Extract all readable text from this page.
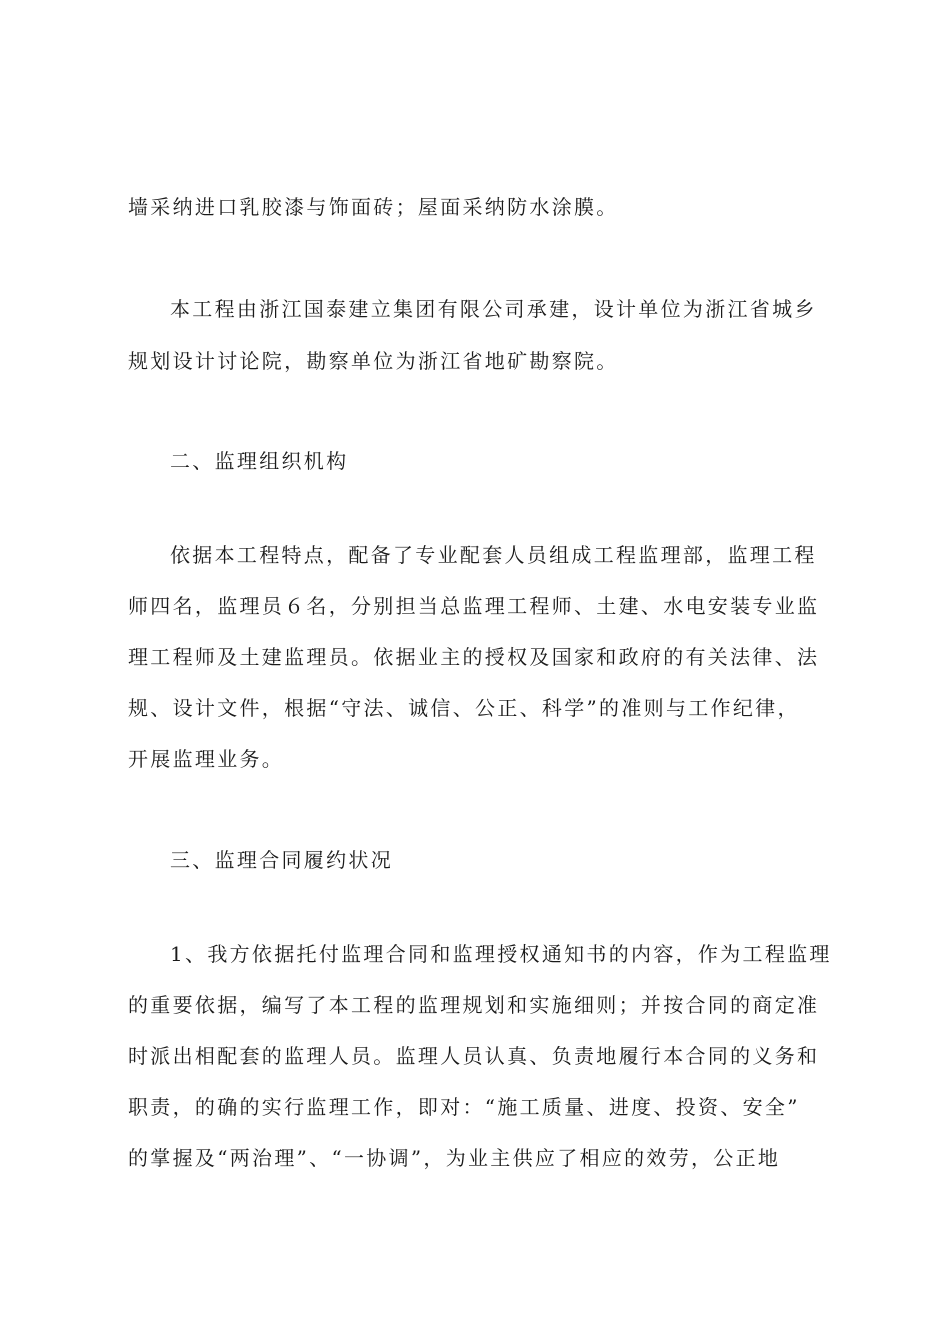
墙采纳进口乳胶漆与饰面砖；屋面采纳防水涂膜。
本工程由浙江国泰建立集团有限公司承建，设计单位为浙江省城乡
规划设计讨论院，勘察单位为浙江省地矿勘察院。
二、监理组织机构
依据本工程特点，配备了专业配套人员组成工程监理部，监理工程
师四名，监理员６名，分别担当总监理工程师、土建、水电安装专业监
理工程师及土建监理员。依据业主的授权及国家和政府的有关法律、法
规、设计文件，根据“守法、诚信、公正、科学”的准则与工作纪律，
开展监理业务。
三、监理合同履约状况
1、我方依据托付监理合同和监理授权通知书的内容，作为工程监理
的重要依据，编写了本工程的监理规划和实施细则；并按合同的商定准
时派出相配套的监理人员。监理人员认真、负责地履行本合同的义务和
职责，的确的实行监理工作，即对：“施工质量、进度、投资、安全”
的掌握及“两治理”、“一协调”，为业主供应了相应的效劳，公正地
